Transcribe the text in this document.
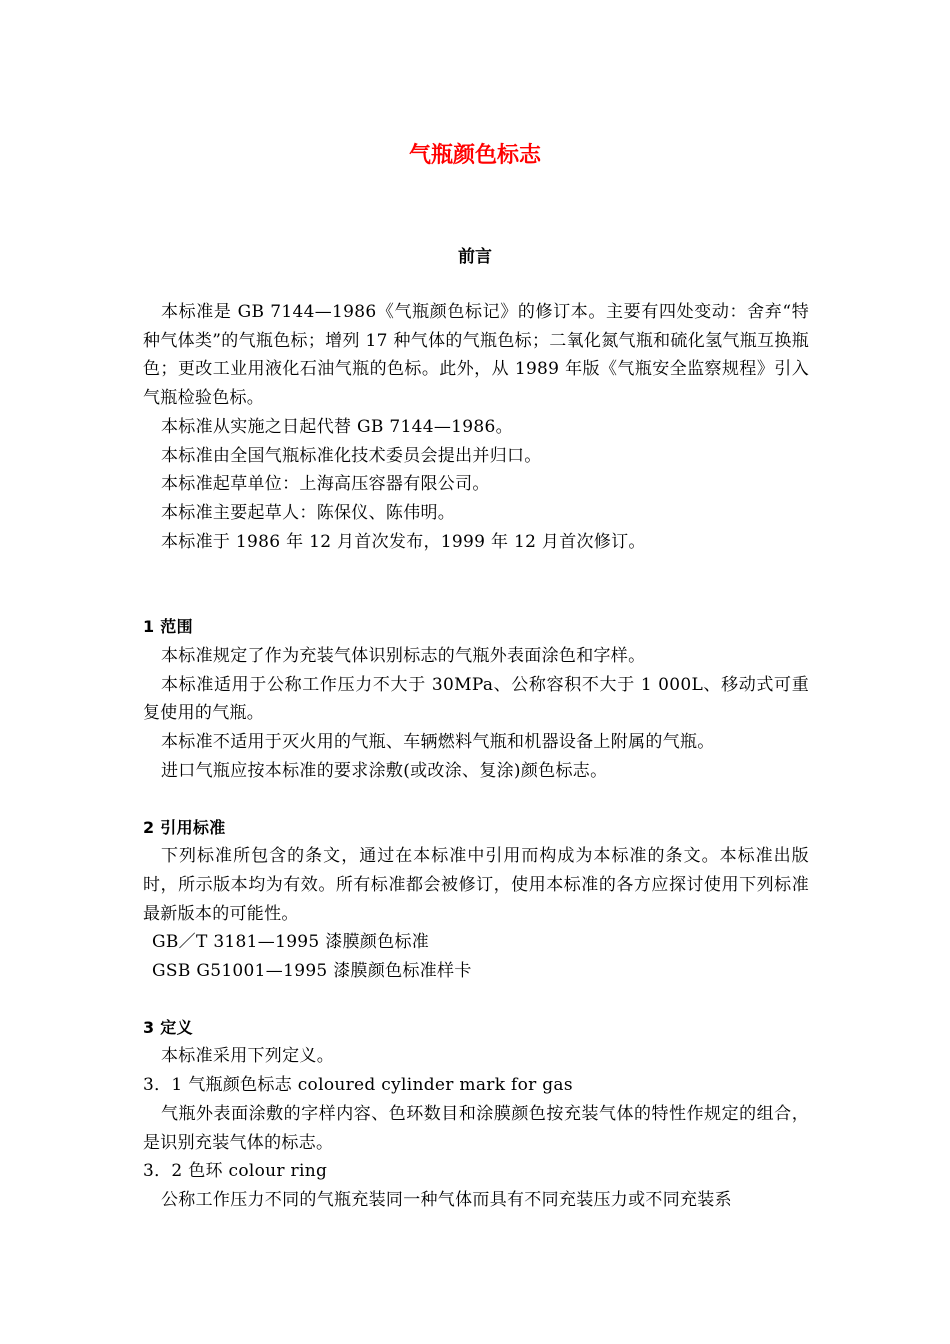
气瓶颜色标志
前言

本标准是 GB 7144—1986《气瓶颜色标记》的修订本。主要有四处变动：舍弃“特种气体类”的气瓶色标；增列 17 种气体的气瓶色标；二氧化氮气瓶和硫化氢气瓶互换瓶色；更改工业用液化石油气瓶的色标。此外，从 1989 年版《气瓶安全监察规程》引入气瓶检验色标。

本标准从实施之日起代替 GB 7144—1986。

本标准由全国气瓶标准化技术委员会提出并归口。

本标准起草单位：上海高压容器有限公司。

本标准主要起草人：陈保仪、陈伟明。

本标准于 1986 年 12 月首次发布，1999 年 12 月首次修订。

1 范围

本标准规定了作为充装气体识别标志的气瓶外表面涂色和字样。

本标准适用于公称工作压力不大于 30MPa、公称容积不大于 1 000L、移动式可重复使用的气瓶。

本标准不适用于灭火用的气瓶、车辆燃料气瓶和机器设备上附属的气瓶。

进口气瓶应按本标准的要求涂敷(或改涂、复涂)颜色标志。

2 引用标准

下列标准所包含的条文，通过在本标准中引用而构成为本标准的条文。本标准出版时，所示版本均为有效。所有标准都会被修订，使用本标准的各方应探讨使用下列标准最新版本的可能性。

GB／T 3181—1995 漆膜颜色标准

GSB G51001—1995 漆膜颜色标准样卡

3 定义

本标准采用下列定义。

3．1 气瓶颜色标志 coloured cylinder mark for gas

气瓶外表面涂敷的字样内容、色环数目和涂膜颜色按充装气体的特性作规定的组合，是识别充装气体的标志。

3．2 色环 colour ring

公称工作压力不同的气瓶充装同一种气体而具有不同充装压力或不同充装系
